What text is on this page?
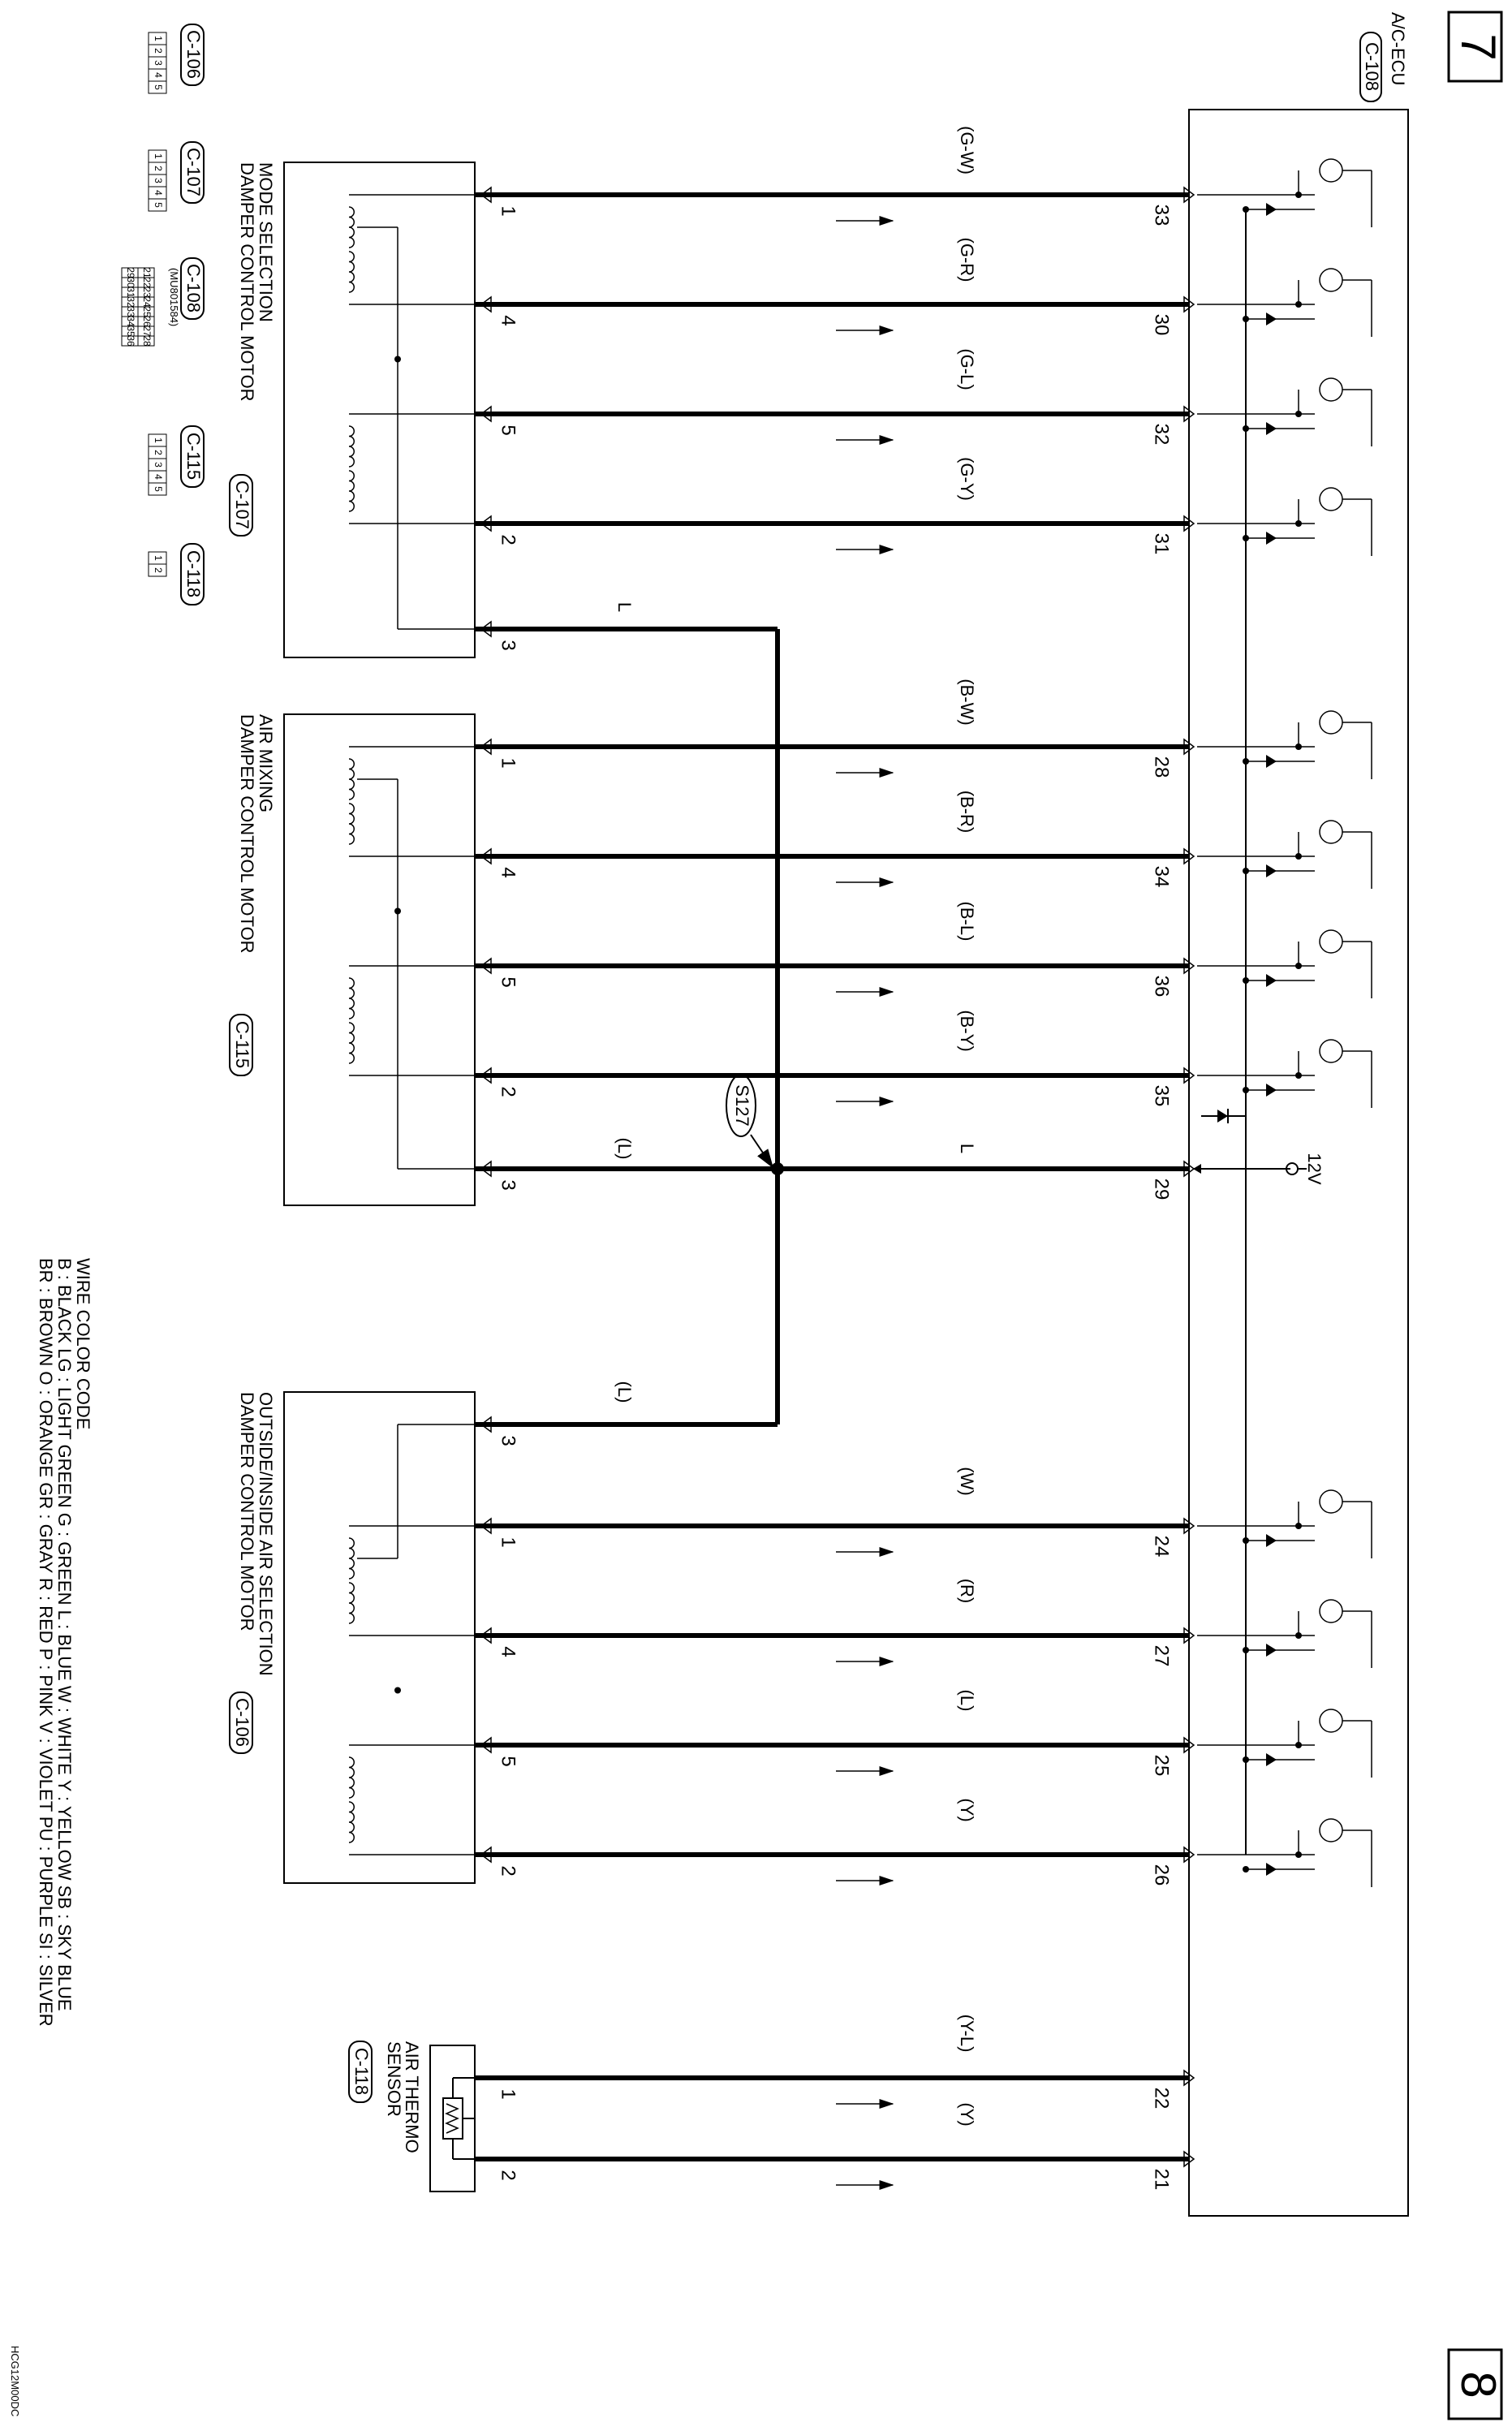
7
8
A/C-ECU
C-108
12V
(G-W)
1	33
(G-R)
4	30
(G-L)
5	32
(G-Y)
2	31
3
(B-W)
1	28
(B-R)
4	34
(B-L)
5	36
(B-Y)
2	35
3
(W)
1	24
(R)
4	27
(L)
5	25
(Y)
2	26
3
29
L
(L)	L
(L)
(Y-L)
1	22
(Y)
2	21
MODE SELECTION
DAMPER CONTROL MOTOR
C-107
AIR MIXING
DAMPER CONTROL MOTOR
C-115
OUTSIDE/INSIDE AIR SELECTION
DAMPER CONTROL MOTOR
C-106
AIR THERMO
SENSOR
C-118
S127
C-106
1
2
3
4
5
C-107
1
2
3
4
5
C-108
(MU801584)
21
22
23
24
25
26
27
28
29
30
31
32
33
34
35
36
C-115
1
2
3
4
5
C-118
1
2
WIRE COLOR CODE
B : BLACK LG : LIGHT GREEN G : GREEN L : BLUE W : WHITE Y : YELLOW SB : SKY BLUE
BR : BROWN O : ORANGE GR : GRAY R : RED P : PINK V : VIOLET PU : PURPLE SI : SILVER
HCG12M00DC
